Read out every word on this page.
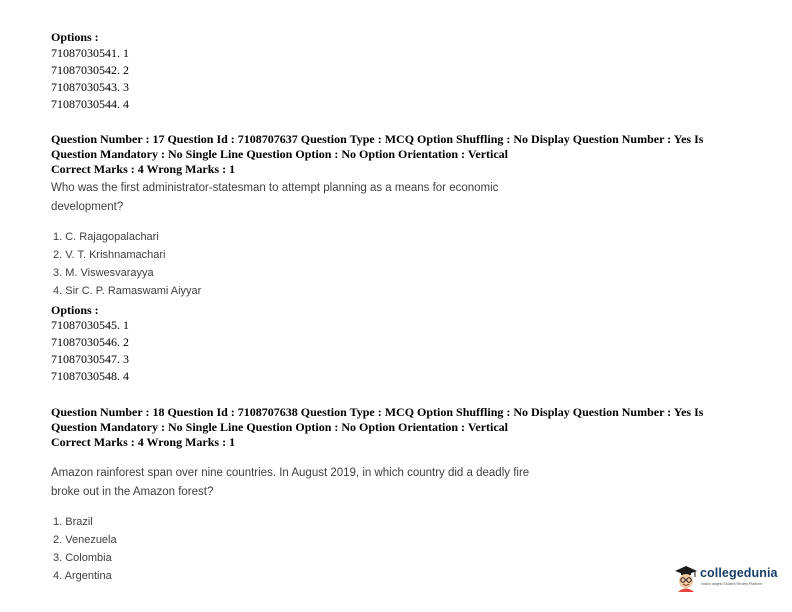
Options :
71087030541. 1
71087030542. 2
71087030543. 3
71087030544. 4
Question Number : 17 Question Id : 7108707637 Question Type : MCQ Option Shuffling : No Display Question Number : Yes Is
Question Mandatory : No Single Line Question Option : No Option Orientation : Vertical
Correct Marks : 4 Wrong Marks : 1
Who was the first administrator-statesman to attempt planning as a means for economic
development?
1. C. Rajagopalachari
2. V. T. Krishnamachari
3. M. Viswesvarayya
4. Sir C. P. Ramaswami Aiyyar
Options :
71087030545. 1
71087030546. 2
71087030547. 3
71087030548. 4
Question Number : 18 Question Id : 7108707638 Question Type : MCQ Option Shuffling : No Display Question Number : Yes Is
Question Mandatory : No Single Line Question Option : No Option Orientation : Vertical
Correct Marks : 4 Wrong Marks : 1
Amazon rainforest span over nine countries. In August 2019, in which country did a deadly fire
broke out in the Amazon forest?
1. Brazil
2. Venezuela
3. Colombia
4. Argentina	collegedunia
India's largest Student Review Platform
